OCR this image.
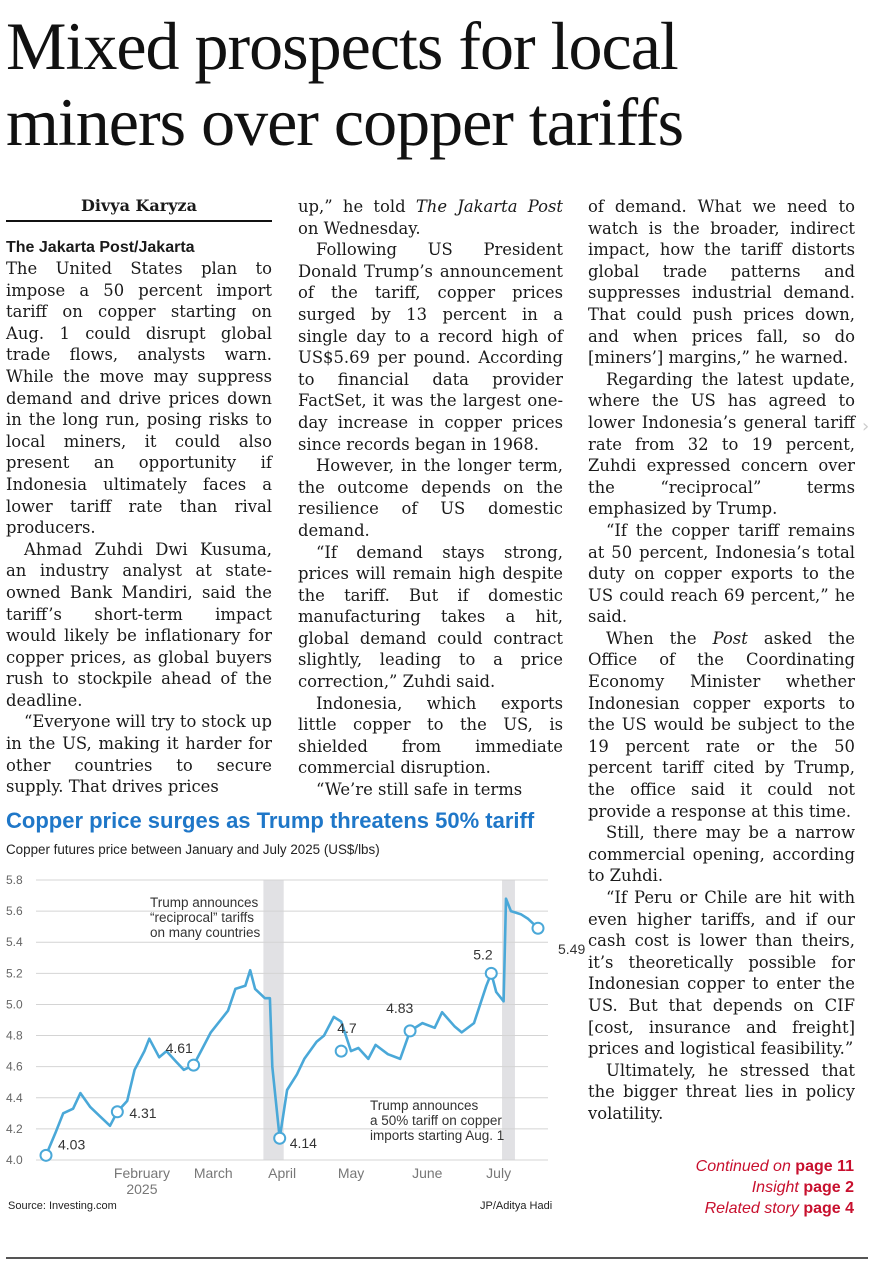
Mixed prospects for local miners over copper tariffs
Divya Karyza
The Jakarta Post/Jakarta

The United States plan to impose a 50 percent import tariff on copper starting on Aug. 1 could disrupt global trade flows, analysts warn. While the move may suppress demand and drive prices down in the long run, posing risks to local miners, it could also present an opportunity if Indonesia ultimately faces a lower tariff rate than rival producers.

Ahmad Zuhdi Dwi Kusuma, an industry analyst at state-owned Bank Mandiri, said the tariff’s short-term impact would likely be inflationary for copper prices, as global buyers rush to stockpile ahead of the deadline.

“Everyone will try to stock up in the US, making it harder for other countries to secure supply. That drives prices

up,” he told The Jakarta Post on Wednesday.

Following US President Donald Trump’s announcement of the tariff, copper prices surged by 13 percent in a single day to a record high of US$5.69 per pound. According to financial data provider FactSet, it was the largest one-day increase in copper prices since records began in 1968.

However, in the longer term, the outcome depends on the resilience of US domestic demand.

“If demand stays strong, prices will remain high despite the tariff. But if domestic manufacturing takes a hit, global demand could contract slightly, leading to a price correction,” Zuhdi said.

Indonesia, which exports little copper to the US, is shielded from immediate commercial disruption.

“We’re still safe in terms

of demand. What we need to watch is the broader, indirect impact, how the tariff distorts global trade patterns and suppresses industrial demand. That could push prices down, and when prices fall, so do [miners’] margins,” he warned.

Regarding the latest update, where the US has agreed to lower Indonesia’s general tariff rate from 32 to 19 percent, Zuhdi expressed concern over the “reciprocal” terms emphasized by Trump.

“If the copper tariff remains at 50 percent, Indonesia’s total duty on copper exports to the US could reach 69 percent,” he said.

When the Post asked the Office of the Coordinating Economy Minister whether Indonesian copper exports to the US would be subject to the 19 percent rate or the 50 percent tariff cited by Trump, the office said it could not provide a response at this time.

Still, there may be a narrow commercial opening, according to Zuhdi.

“If Peru or Chile are hit with even higher tariffs, and if our cash cost is lower than theirs, it’s theoretically possible for Indonesian copper to enter the US. But that depends on CIF [cost, insurance and freight] prices and logistical feasibility.”

Ultimately, he stressed that the bigger threat lies in policy volatility.

Copper price surges as Trump threatens 50% tariff
Copper futures price between January and July 2025 (US$/lbs)
4.0
4.2
4.4
4.6
4.8
5.0
5.2
5.4
5.6
5.8
February 2025
March	April	May	June	July
4.03
4.31
4.61
4.14
4.7
4.83
5.2	5.49
Trump announces “reciprocal” tariffs on many countries
Trump announces a 50% tariff on copper imports starting Aug. 1
Source: Investing.com	JP/Aditya Hadi
Continued on page 11
Insight page 2
Related story page 4
›
